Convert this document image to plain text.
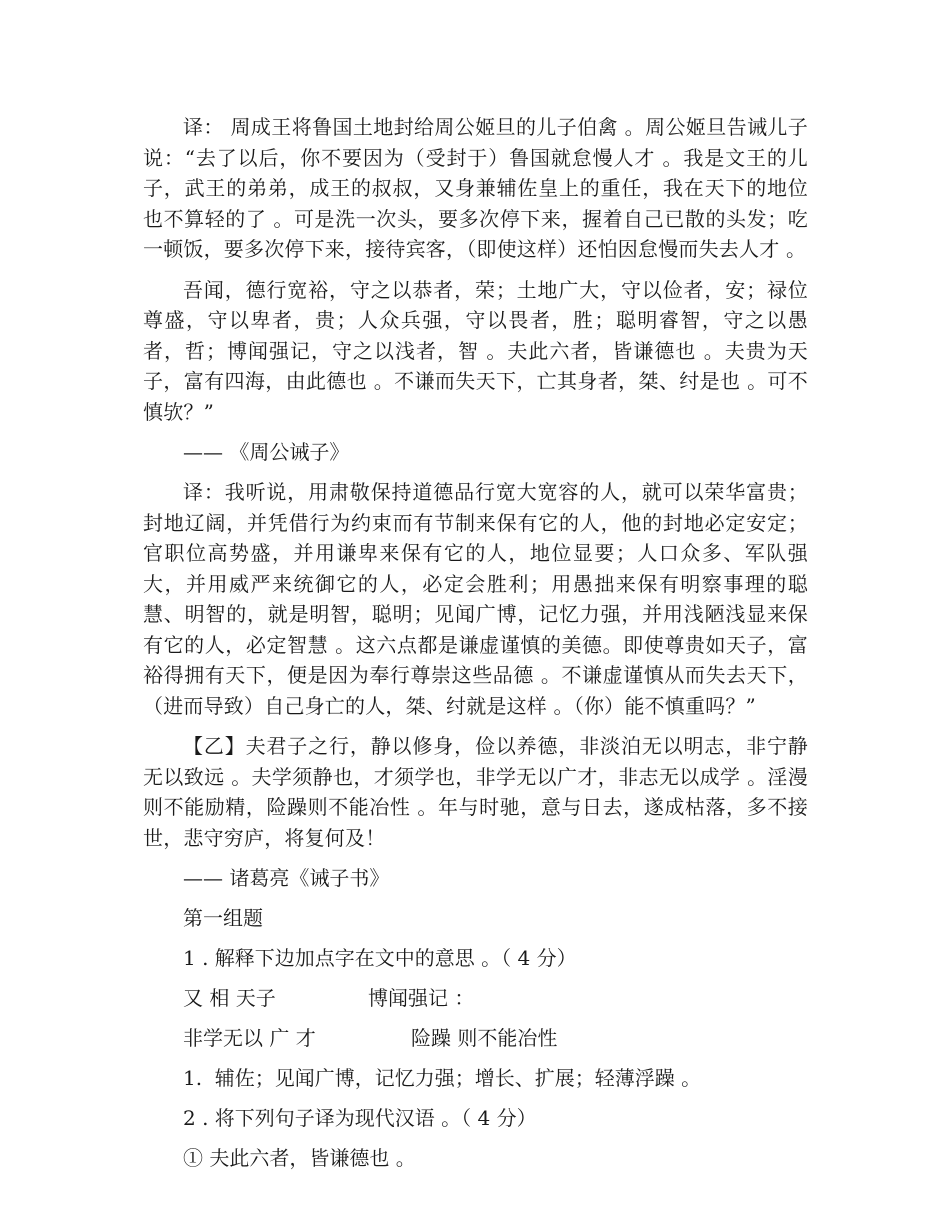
译： 周成王将鲁国土地封给周公姬旦的儿子伯禽 。周公姬旦告诫儿子说：“去了以后，你不要因为（受封于）鲁国就怠慢人才 。我是文王的儿子，武王的弟弟，成王的叔叔，又身兼辅佐皇上的重任，我在天下的地位也不算轻的了 。可是洗一次头，要多次停下来，握着自己已散的头发；吃一顿饭，要多次停下来，接待宾客，（即使这样）还怕因怠慢而失去人才 。

吾闻，德行宽裕，守之以恭者，荣；土地广大，守以俭者，安；禄位尊盛，守以卑者，贵；人众兵强，守以畏者，胜；聪明睿智，守之以愚者，哲；博闻强记，守之以浅者，智 。夫此六者，皆谦德也 。夫贵为天子，富有四海，由此德也 。不谦而失天下，亡其身者，桀、纣是也 。可不慎欤？”

—— 《周公诫子》

译：我听说，用肃敬保持道德品行宽大宽容的人，就可以荣华富贵；封地辽阔，并凭借行为约束而有节制来保有它的人，他的封地必定安定；官职位高势盛，并用谦卑来保有它的人，地位显要；人口众多、军队强大，并用威严来统御它的人，必定会胜利；用愚拙来保有明察事理的聪慧、明智的，就是明智，聪明；见闻广博，记忆力强，并用浅陋浅显来保有它的人，必定智慧 。这六点都是谦虚谨慎的美德。即使尊贵如天子，富裕得拥有天下，便是因为奉行尊崇这些品德 。不谦虚谨慎从而失去天下，（进而导致）自己身亡的人，桀、纣就是这样 。（你）能不慎重吗？”

【乙】夫君子之行，静以修身，俭以养德，非淡泊无以明志，非宁静无以致远 。夫学须静也，才须学也，非学无以广才，非志无以成学 。淫漫则不能励精，险躁则不能冶性 。年与时驰，意与日去，遂成枯落，多不接世，悲守穷庐，将复何及！

—— 诸葛亮《诫子书》
第一组题
1 . 解释下边加点字在文中的意思 。（ 4 分）
又 相 天子	博闻强记 ：
非学无以 广 才	险躁 则不能冶性
1.  辅佐；见闻广博，记忆力强；增长、扩展；轻薄浮躁 。
2 . 将下列句子译为现代汉语 。（ 4 分）
① 夫此六者，皆谦德也 。
